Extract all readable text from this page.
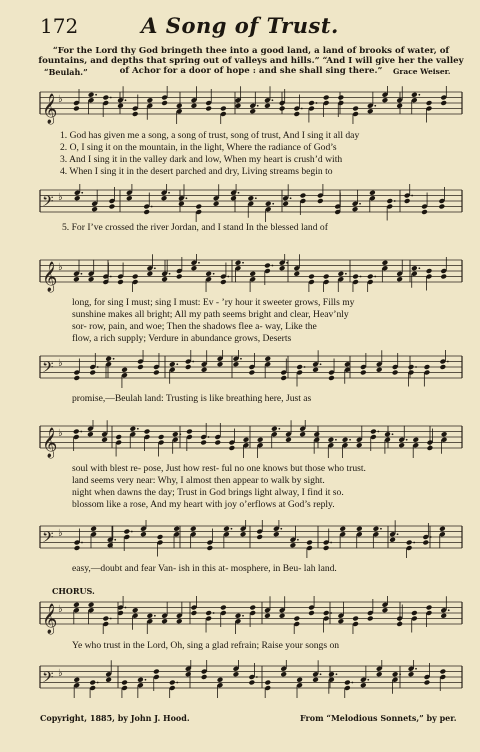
172	A Song of Trust.
“For the Lord thy God bringeth thee into a good land, a land of brooks of water, of fountains, and depths that spring out of valleys and hills.” “And I will give her the valley of Achor for a door of hope : and she shall sing there.”
“Beulah.”	Grace Weiser.
𝄞 ♭
1. God has given me a song, a song of trust, song of trust, And I sing it all day
2. O, I sing it on the mountain, in the light, Where the radiance of God’s
3. And I sing it in the valley dark and low, When my heart is crush’d with
4. When I sing it in the desert parched and dry, Living streams begin to
𝄢 ♭
5. For I’ve crossed the river Jordan, and I stand In the blessed land of
𝄞 ♭
long, for sing I must; sing I must: Ev - ’ry hour it sweeter grows, Fills my
sunshine makes all bright; All my path seems bright and clear, Heav’nly
sor- row, pain, and woe; Then the shadows flee a- way, Like the
flow, a rich supply; Verdure in abundance grows, Deserts
𝄢 ♭
promise,—Beulah land: Trusting is like breathing here, Just as
𝄞 ♭
soul with blest re- pose, Just how rest- ful no one knows but those who trust.
land seems very near: Why, I almost then appear to walk by sight.
night when dawns the day; Trust in God brings light alway, I find it so.
blossom like a rose, And my heart with joy o’erflows at God’s reply.
𝄢 ♭
easy,—doubt and fear Van- ish in this at- mosphere, in Beu- lah land.
CHORUS.
𝄞 ♭
Ye who trust in the Lord, Oh, sing a glad refrain; Raise your songs on
𝄢 ♭
Copyright, 1885, by John J. Hood.	From “Melodious Sonnets,” by per.
